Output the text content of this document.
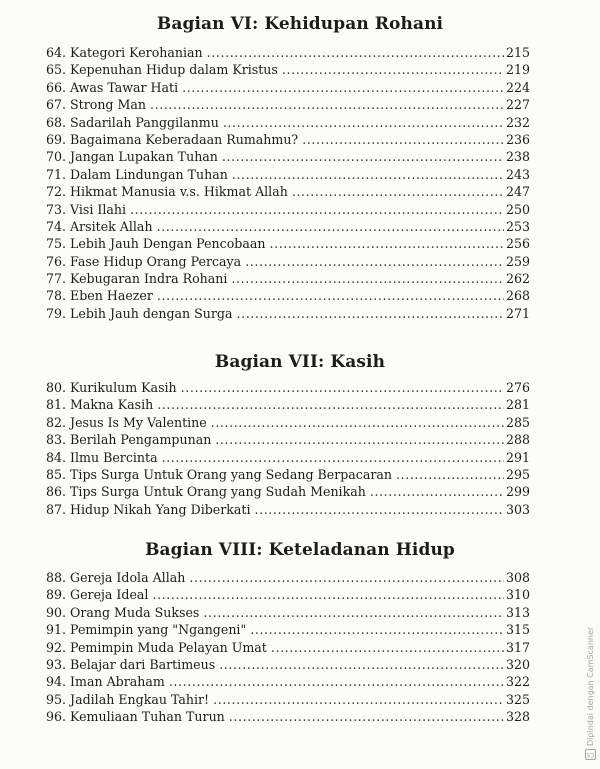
Bagian VI: Kehidupan Rohani
64. Kategori Kerohanian .....	215
65. Kepenuhan Hidup dalam Kristus .....	219
66. Awas Tawar Hati .....	224
67. Strong Man .....	227
68. Sadarilah Panggilanmu .....	232
69. Bagaimana Keberadaan Rumahmu? .....	236
70. Jangan Lupakan Tuhan .....	238
71. Dalam Lindungan Tuhan .....	243
72. Hikmat Manusia v.s. Hikmat Allah .....	247
73. Visi Ilahi .....	250
74. Arsitek Allah .....	253
75. Lebih Jauh Dengan Pencobaan .....	256
76. Fase Hidup Orang Percaya .....	259
77. Kebugaran Indra Rohani .....	262
78. Eben Haezer .....	268
79. Lebih Jauh dengan Surga .....	271
Bagian VII: Kasih
80. Kurikulum Kasih .....	276
81. Makna Kasih .....	281
82. Jesus Is My Valentine .....	285
83. Berilah Pengampunan .....	288
84. Ilmu Bercinta .....	291
85. Tips Surga Untuk Orang yang Sedang Berpacaran .....	295
86. Tips Surga Untuk Orang yang Sudah Menikah .....	299
87. Hidup Nikah Yang Diberkati .....	303
Bagian VIII: Keteladanan Hidup
88. Gereja Idola Allah .....	308
89. Gereja Ideal .....	310
90. Orang Muda Sukses .....	313
91. Pemimpin yang "Ngangeni" .....	315
92. Pemimpin Muda Pelayan Umat .....	317
93. Belajar dari Bartimeus .....	320
94. Iman Abraham .....	322
95. Jadilah Engkau Tahir! .....	325
96. Kemuliaan Tuhan Turun .....	328
CS
Dipindai dengan CamScanner
